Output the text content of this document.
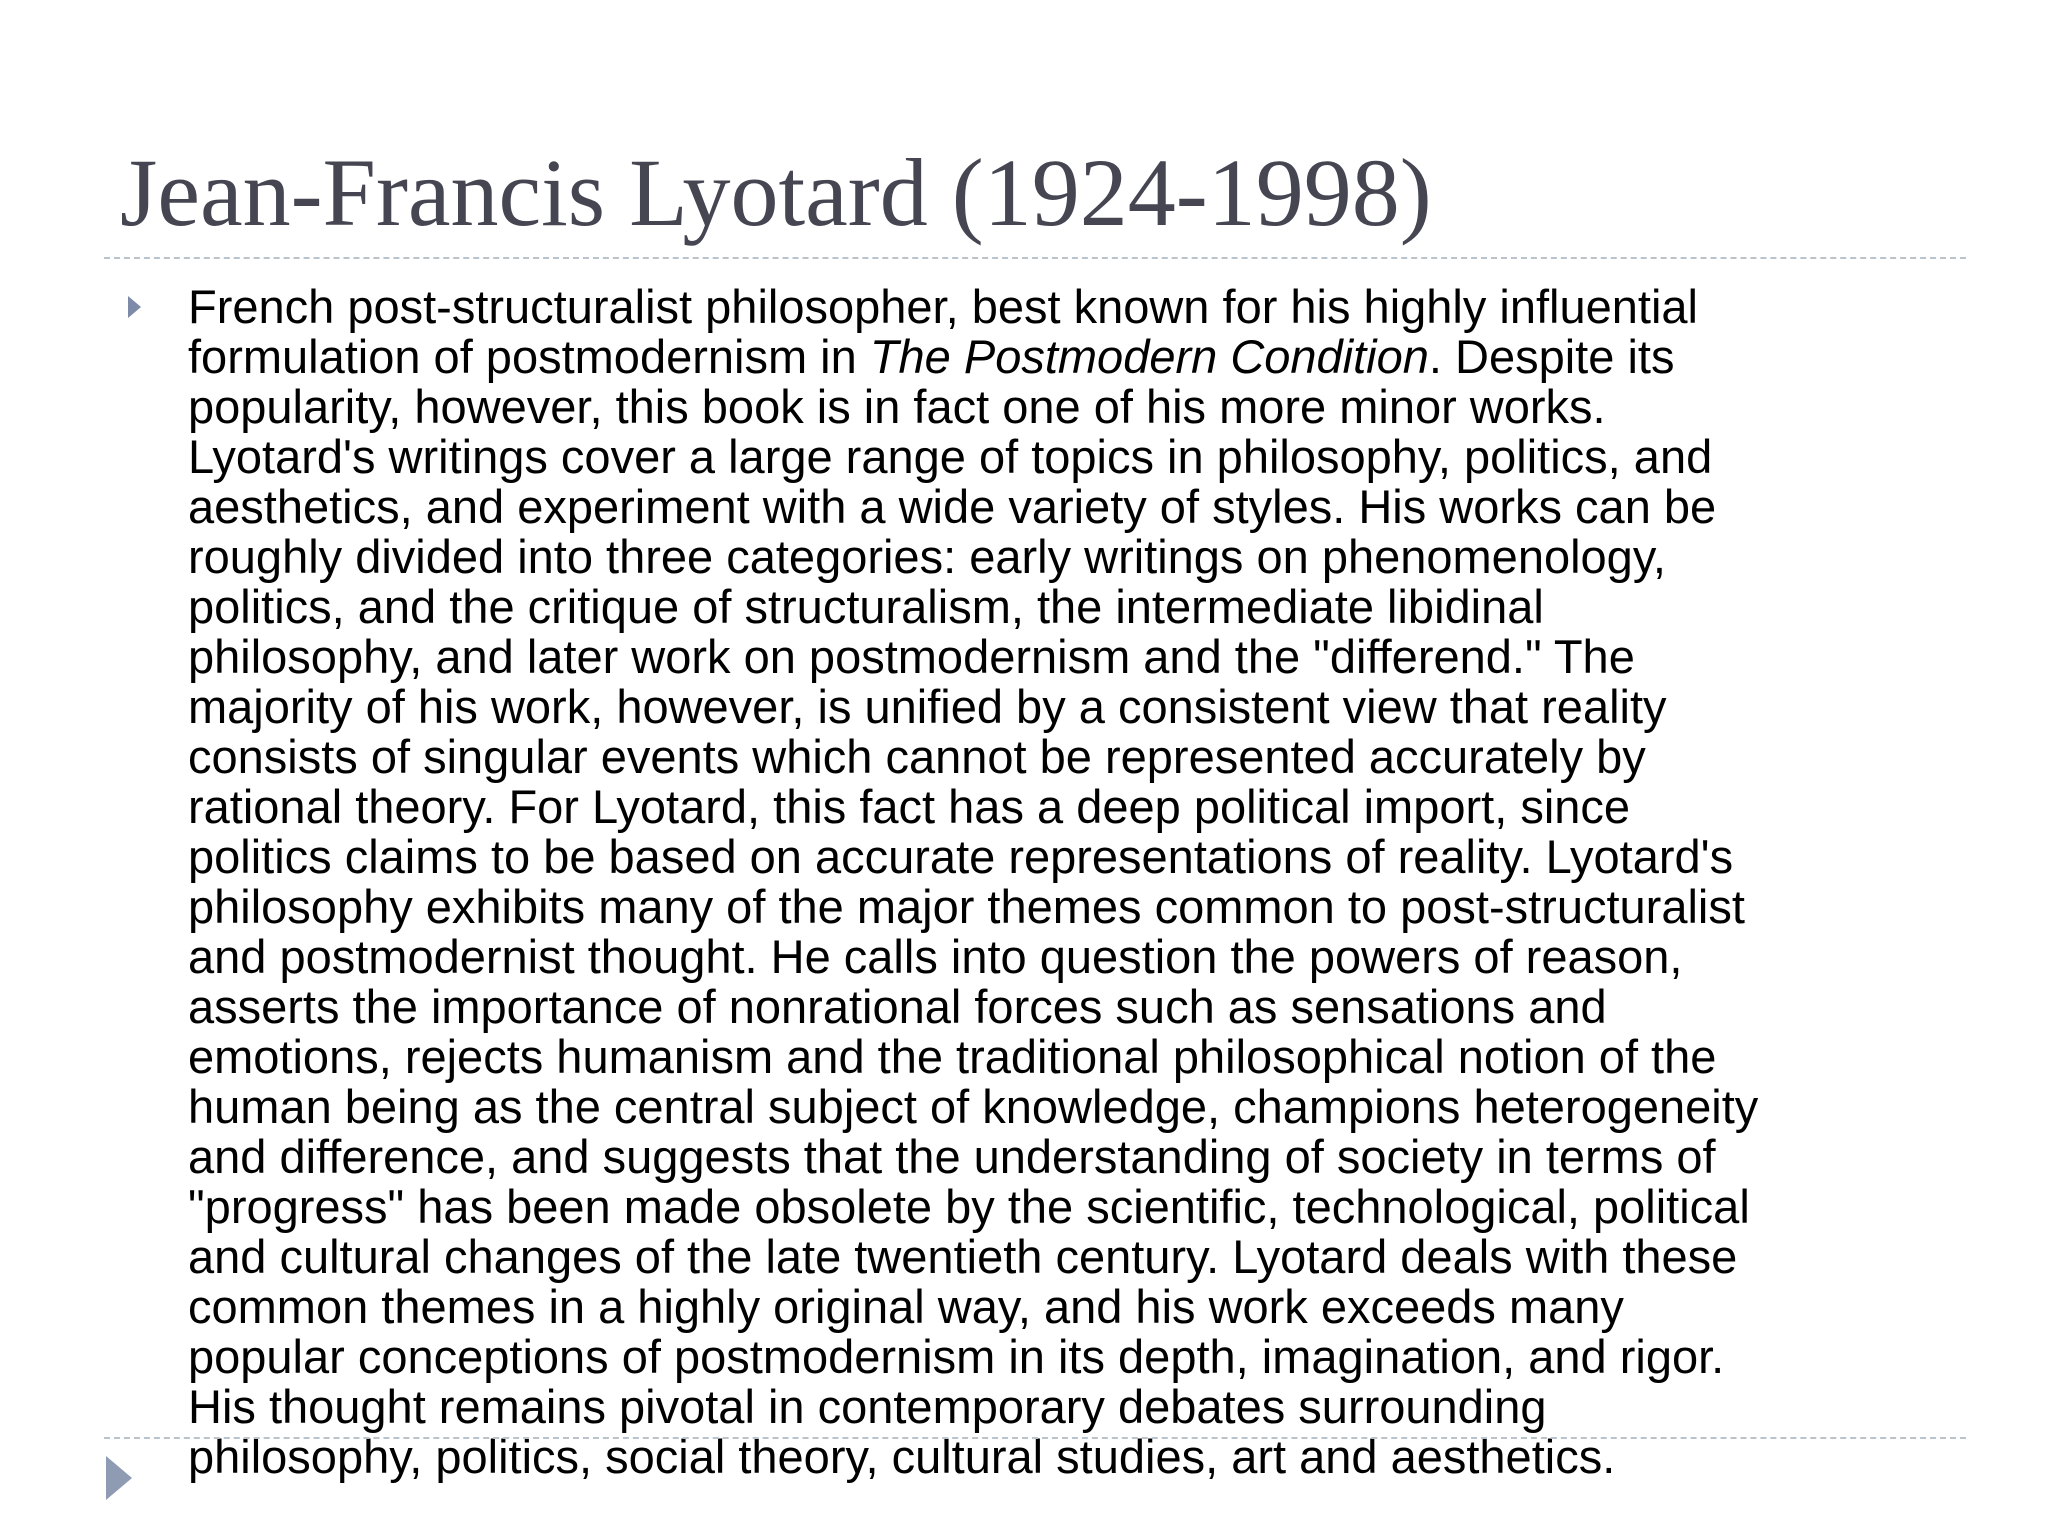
Jean-Francis Lyotard (1924-1998)

French post-structuralist philosopher, best known for his highly influential
formulation of postmodernism in The Postmodern Condition. Despite its
popularity, however, this book is in fact one of his more minor works.
Lyotard's writings cover a large range of topics in philosophy, politics, and
aesthetics, and experiment with a wide variety of styles. His works can be
roughly divided into three categories: early writings on phenomenology,
politics, and the critique of structuralism, the intermediate libidinal
philosophy, and later work on postmodernism and the "differend." The
majority of his work, however, is unified by a consistent view that reality
consists of singular events which cannot be represented accurately by
rational theory. For Lyotard, this fact has a deep political import, since
politics claims to be based on accurate representations of reality. Lyotard's
philosophy exhibits many of the major themes common to post-structuralist
and postmodernist thought. He calls into question the powers of reason,
asserts the importance of nonrational forces such as sensations and
emotions, rejects humanism and the traditional philosophical notion of the
human being as the central subject of knowledge, champions heterogeneity
and difference, and suggests that the understanding of society in terms of
"progress" has been made obsolete by the scientific, technological, political
and cultural changes of the late twentieth century. Lyotard deals with these
common themes in a highly original way, and his work exceeds many
popular conceptions of postmodernism in its depth, imagination, and rigor.
His thought remains pivotal in contemporary debates surrounding
philosophy, politics, social theory, cultural studies, art and aesthetics.
